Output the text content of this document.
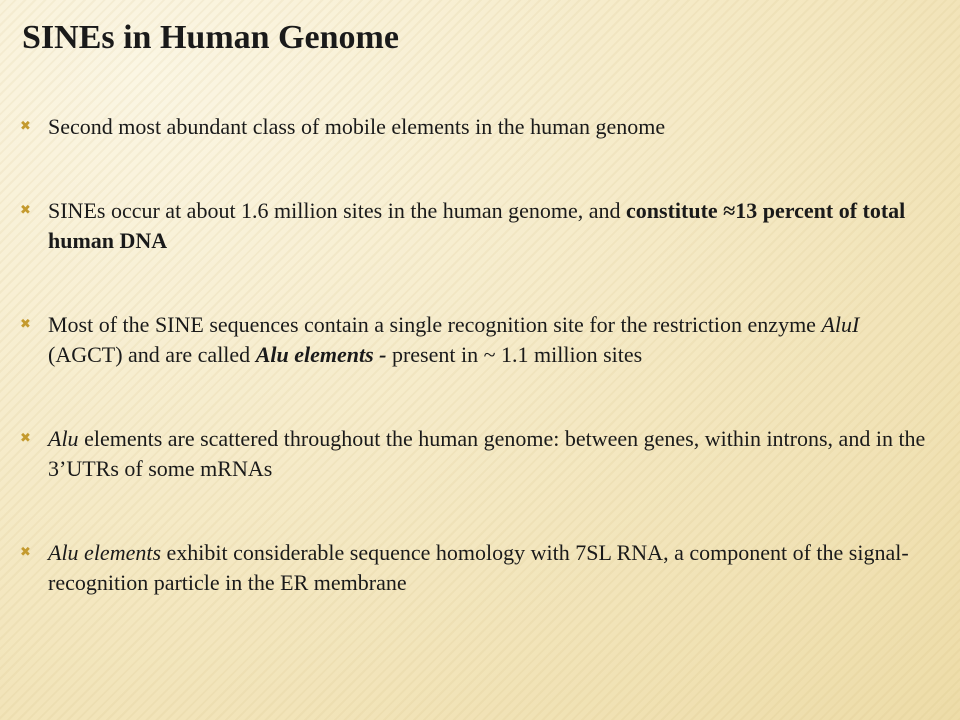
SINEs in Human Genome
✖ Second most abundant class of mobile elements in the human genome
✖ SINEs occur at about 1.6 million sites in the human genome, and constitute ≈13 percent of total human DNA
✖ Most of the SINE sequences contain a single recognition site for the restriction enzyme AluI (AGCT) and are called Alu elements - present in ~ 1.1 million sites
✖ Alu elements are scattered throughout the human genome: between genes, within introns, and in the 3’UTRs of some mRNAs
✖ Alu elements exhibit considerable sequence homology with 7SL RNA, a component of the signal-recognition particle in the ER membrane
